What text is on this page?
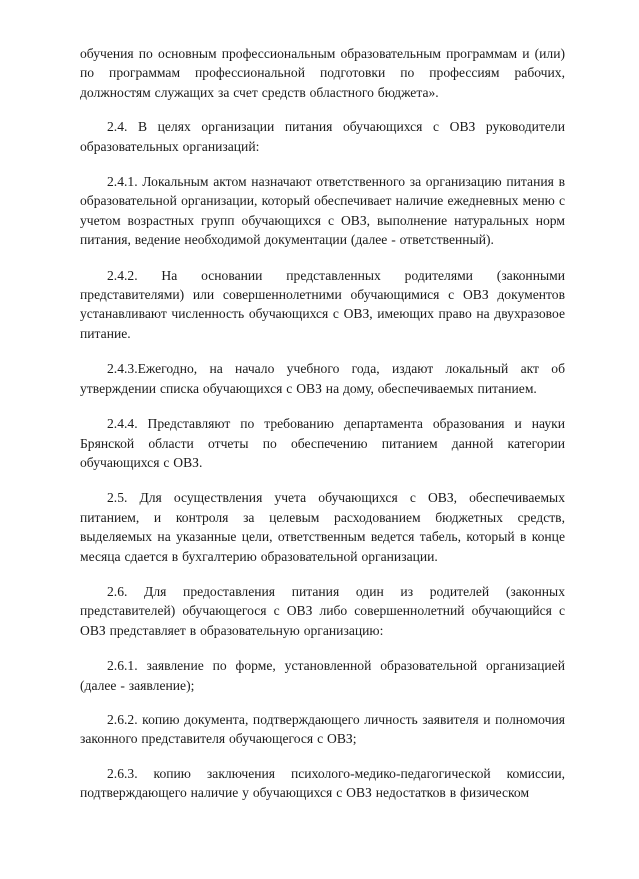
обучения по основным профессиональным образовательным программам и (или) по программам профессиональной подготовки по профессиям рабочих, должностям служащих за счет средств областного бюджета».

2.4. В целях организации питания обучающихся с ОВЗ руководители образовательных организаций:

2.4.1. Локальным актом назначают ответственного за организацию питания в образовательной организации, который обеспечивает наличие ежедневных меню с учетом возрастных групп обучающихся с ОВЗ, выполнение натуральных норм питания, ведение необходимой документации (далее - ответственный).

2.4.2. На основании представленных родителями (законными представителями) или совершеннолетними обучающимися с ОВЗ документов устанавливают численность обучающихся с ОВЗ, имеющих право на двухразовое питание.

2.4.3.Ежегодно, на начало учебного года, издают локальный акт об утверждении списка обучающихся с ОВЗ на дому, обеспечиваемых питанием.

2.4.4. Представляют по требованию департамента образования и науки Брянской области отчеты по обеспечению питанием данной категории обучающихся с ОВЗ.

2.5. Для осуществления учета обучающихся с ОВЗ, обеспечиваемых питанием, и контроля за целевым расходованием бюджетных средств, выделяемых на указанные цели, ответственным ведется табель, который в конце месяца сдается в бухгалтерию образовательной организации.

2.6. Для предоставления питания один из родителей (законных представителей) обучающегося с ОВЗ либо совершеннолетний обучающийся с ОВЗ представляет в образовательную организацию:

2.6.1. заявление по форме, установленной образовательной организацией (далее - заявление);

2.6.2. копию документа, подтверждающего личность заявителя и полномочия законного представителя обучающегося с ОВЗ;

2.6.3. копию заключения психолого-медико-педагогической комиссии, подтверждающего наличие у обучающихся с ОВЗ недостатков в физическом
